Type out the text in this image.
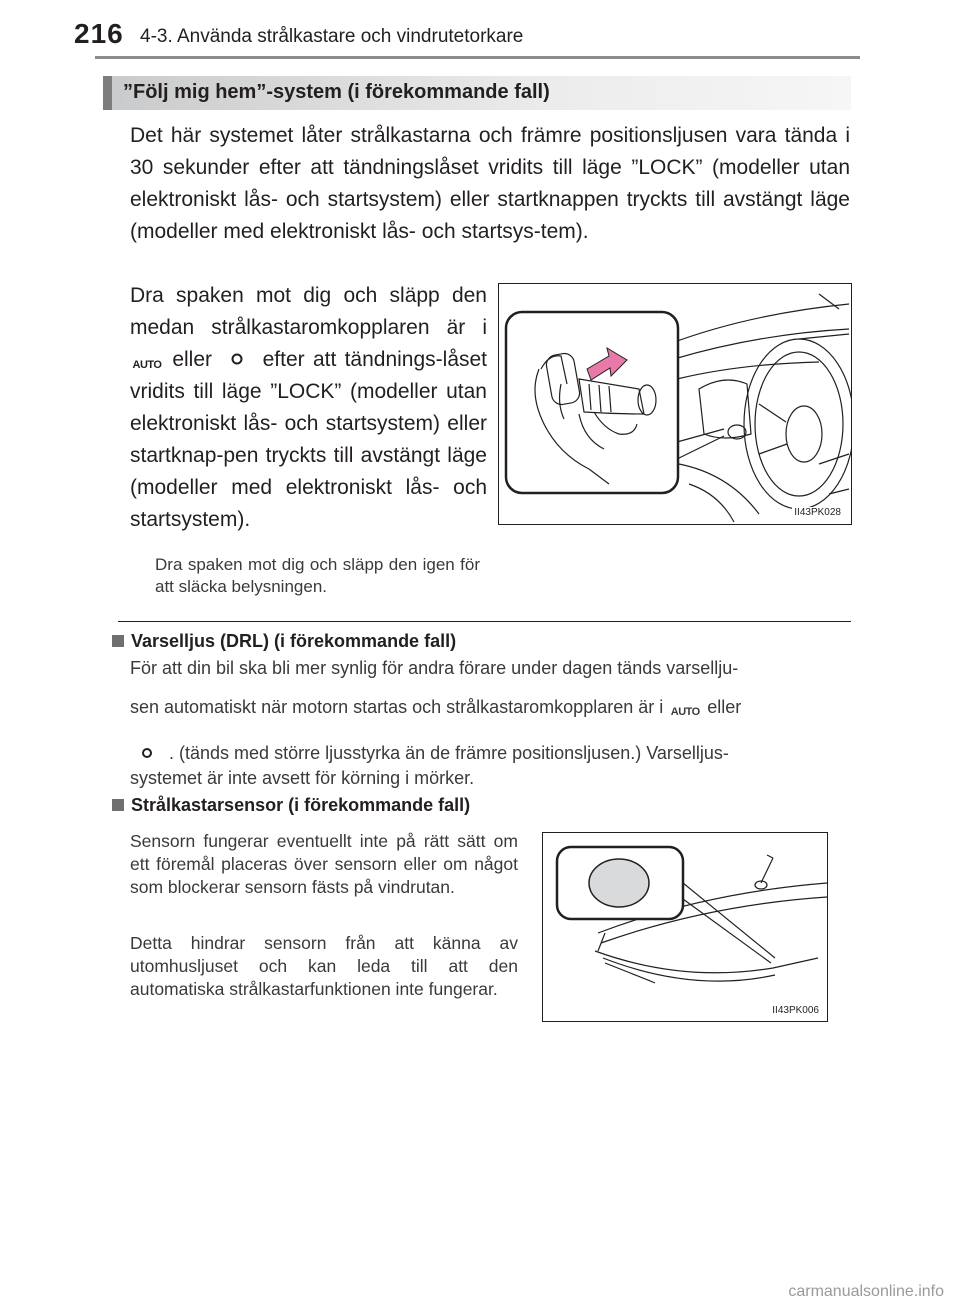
216 4-3. Använda strålkastare och vindrutetorkare
”Följ mig hem”-system (i förekommande fall)
Det här systemet låter strålkastarna och främre positionsljusen vara tända i 30 sekunder efter att tändningslåset vridits till läge ”LOCK” (modeller utan elektroniskt lås- och startsystem) eller startknappen tryckts till avstängt läge (modeller med elektroniskt lås- och startsys-tem).
Dra spaken mot dig och släpp den medan strålkastaromkopplaren är i AUTO eller efter att tändnings-låset vridits till läge ”LOCK” (modeller utan elektroniskt lås- och startsystem) eller startknap-pen tryckts till avstängt läge (modeller med elektroniskt lås- och startsystem).
Dra spaken mot dig och släpp den igen för att släcka belysningen.
II43PK028
Varselljus (DRL) (i förekommande fall)
För att din bil ska bli mer synlig för andra förare under dagen tänds varsellju-
sen automatiskt när motorn startas och strålkastaromkopplaren är i AUTO eller
. (tänds med större ljusstyrka än de främre positionsljusen.) Varselljus-
systemet är inte avsett för körning i mörker.
Strålkastarsensor (i förekommande fall)
Sensorn fungerar eventuellt inte på rätt sätt om ett föremål placeras över sensorn eller om något som blockerar sensorn fästs på vindrutan.
Detta hindrar sensorn från att känna av utomhusljuset och kan leda till att den automatiska strålkastarfunktionen inte fungerar.
II43PK006
carmanualsonline.info
